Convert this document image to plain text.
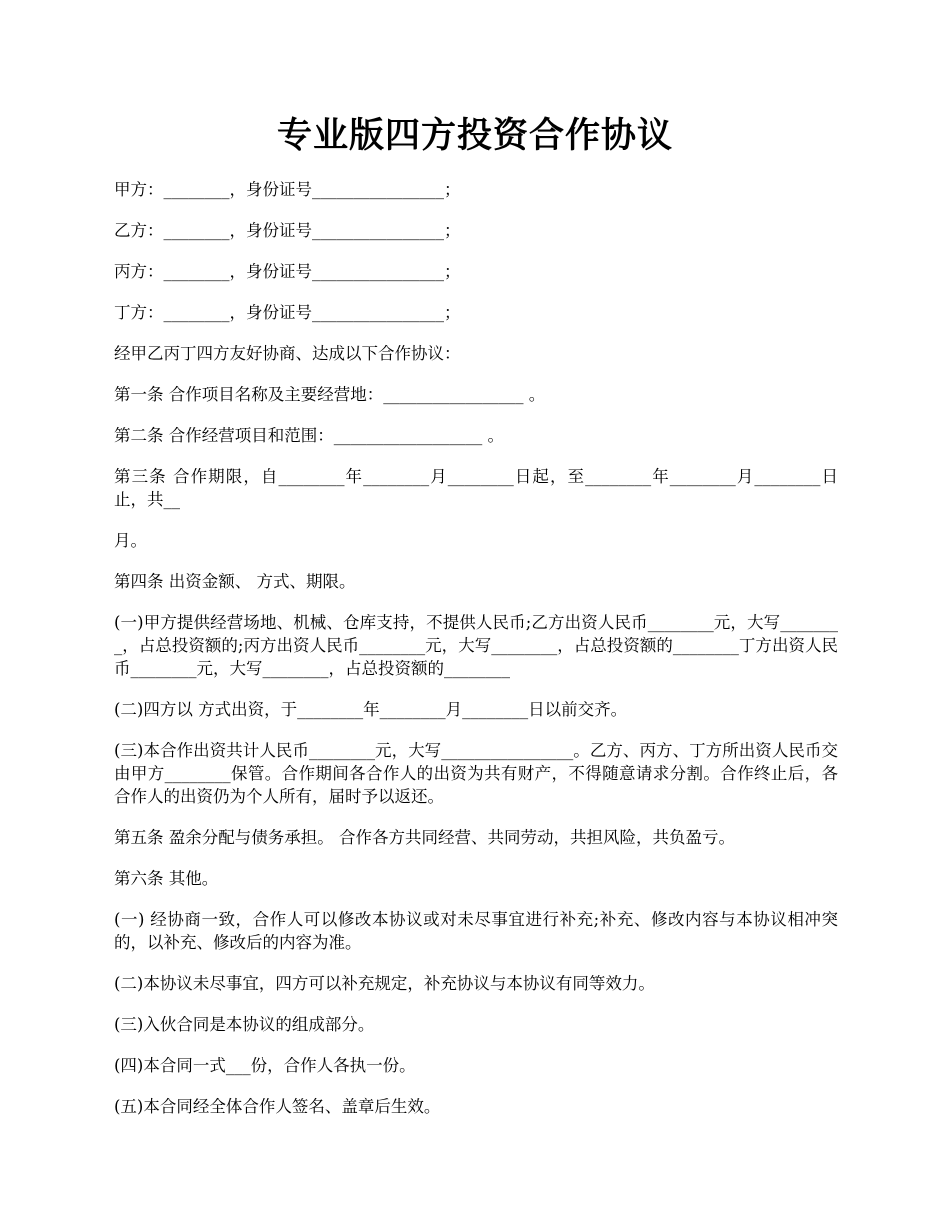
专业版四方投资合作协议

甲方：________，身份证号________________；

乙方：________，身份证号________________；

丙方：________，身份证号________________；

丁方：________，身份证号________________；

经甲乙丙丁四方友好协商、达成以下合作协议：

第一条 合作项目名称及主要经营地：_________________ 。

第二条 合作经营项目和范围：__________________ 。

第三条 合作期限，自________年________月________日起，至________年________月________日止，共__

月。

第四条 出资金额、 方式、期限。

(一)甲方提供经营场地、机械、仓库支持，不提供人民币;乙方出资人民币________元，大写________，占总投资额的;丙方出资人民币________元，大写________，占总投资额的________丁方出资人民币________元，大写________，占总投资额的________

(二)四方以 方式出资，于________年________月________日以前交齐。

(三)本合作出资共计人民币________元，大写________________。乙方、丙方、丁方所出资人民币交由甲方________保管。合作期间各合作人的出资为共有财产，不得随意请求分割。合作终止后，各合作人的出资仍为个人所有，届时予以返还。

第五条 盈余分配与债务承担。 合作各方共同经营、共同劳动，共担风险，共负盈亏。

第六条 其他。

(一) 经协商一致，合作人可以修改本协议或对未尽事宜进行补充;补充、修改内容与本协议相冲突的，以补充、修改后的内容为准。

(二)本协议未尽事宜，四方可以补充规定，补充协议与本协议有同等效力。

(三)入伙合同是本协议的组成部分。

(四)本合同一式___份，合作人各执一份。

(五)本合同经全体合作人签名、盖章后生效。
